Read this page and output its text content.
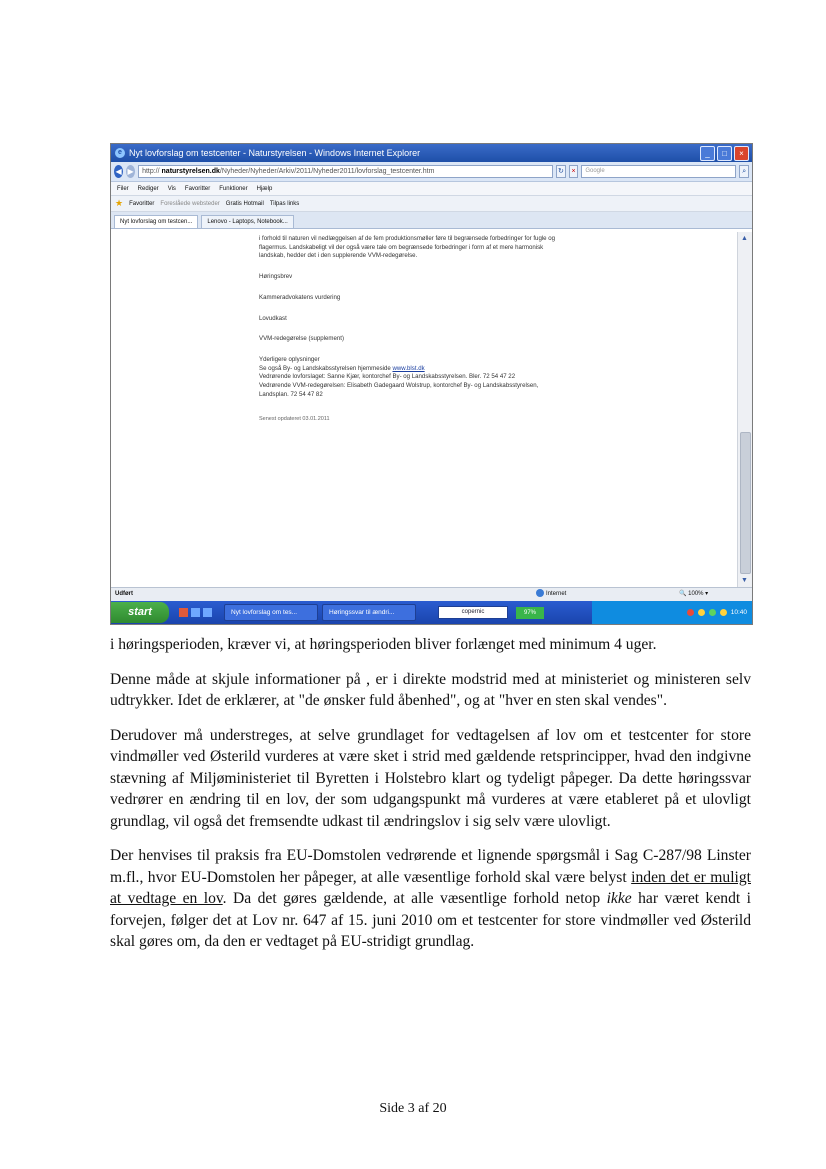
e Nyt lovforslag om testcenter - Naturstyrelsen - Windows Internet Explorer	_	□	×
◀ ▶	http:// naturstyrelsen.dk/Nyheder/Nyheder/Arkiv/2011/Nyheder2011/lovforslag_testcenter.htm	↻	×	Google	⌕
Filer Rediger Vis Favoritter Funktioner Hjælp
★ Favoritter Foreslåede websteder Gratis Hotmail Tilpas links
Nyt lovforslag om testcen...	Lenovo - Laptops, Notebook...

i forhold til naturen vil nedlæggelsen af de fem produktionsmøller føre til begrænsede forbedringer for fugle og flagermus. Landskabeligt vil der også være tale om begrænsede forbedringer i form af et mere harmonisk landskab, hedder det i den supplerende VVM-redegørelse.

Høringsbrev

Kammeradvokatens vurdering

Lovudkast

VVM-redegørelse (supplement)

Yderligere oplysninger

Se også By- og Landskabsstyrelsen hjemmeside www.blst.dk

Vedrørende lovforslaget: Sanne Kjær, kontorchef By- og Landskabsstyrelsen. Bler. 72 54 47 22

Vedrørende VVM-redegørelsen: Elisabeth Gadegaard Wolstrup, kontorchef By- og Landskabsstyrelsen, Landsplan. 72 54 47 82

Senest opdateret 03.01.2011

▲
▼
Udført	Internet	🔍 100% ▾
start	Nyt lovforslag om tes...	Høringssvar til ændri...	copernic	97%	10:40

i høringsperioden, kræver vi, at høringsperioden bliver forlænget med minimum 4 uger.

Denne måde at skjule informationer på , er i direkte modstrid med at ministeriet og ministeren selv udtrykker. Idet de erklærer, at "de ønsker fuld åbenhed", og at "hver en sten skal vendes".

Derudover må understreges, at selve grundlaget for vedtagelsen af lov om et testcenter for store vindmøller ved Østerild vurderes at være sket i strid med gældende retsprincipper, hvad den indgivne stævning af Miljøministeriet til Byretten i Holstebro klart og tydeligt påpeger. Da dette høringssvar vedrører en ændring til en lov, der som udgangspunkt må vurderes at være etableret på et ulovligt grundlag, vil også det fremsendte udkast til ændringslov i sig selv være ulovligt.

Der henvises til praksis fra EU-Domstolen vedrørende et lignende spørgsmål i Sag C-287/98 Linster m.fl., hvor EU-Domstolen her påpeger, at alle væsentlige forhold skal være belyst inden det er muligt at vedtage en lov. Da det gøres gældende, at alle væsentlige forhold netop ikke har været kendt i forvejen, følger det at Lov nr. 647 af 15. juni 2010 om et testcenter for store vindmøller ved Østerild skal gøres om, da den er vedtaget på EU-stridigt grundlag.

Side 3 af 20
